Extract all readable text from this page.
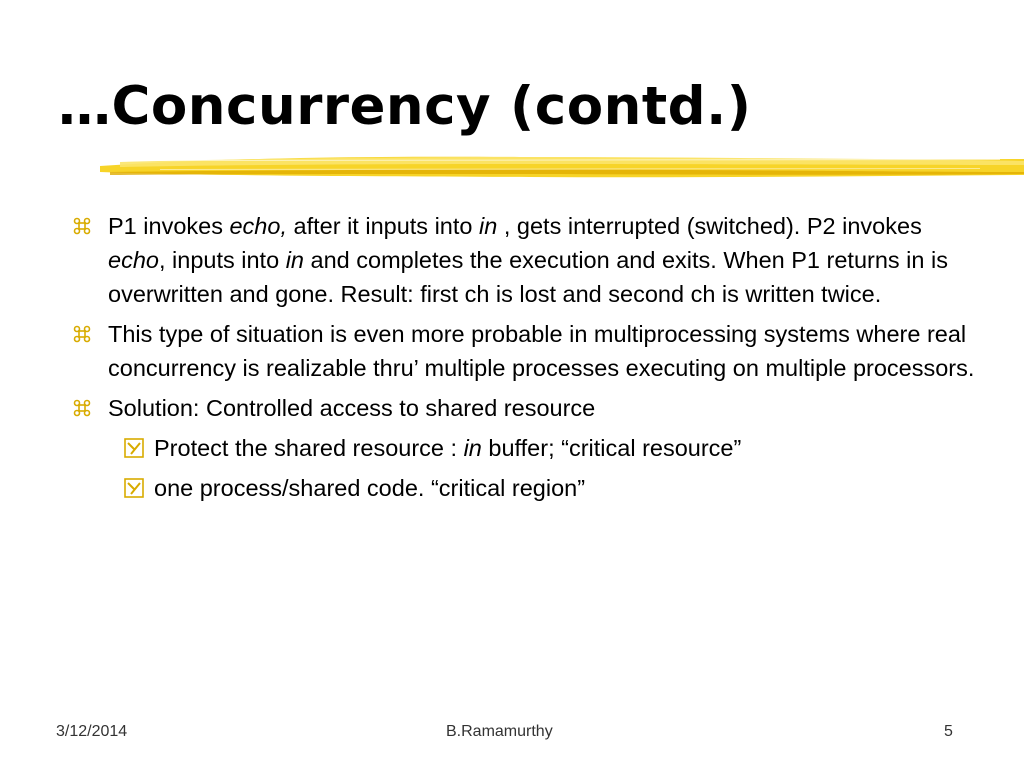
…Concurrency (contd.)
P1 invokes echo, after it inputs into in , gets interrupted (switched). P2 invokes echo, inputs into in and completes the execution and exits. When P1 returns in is overwritten and gone. Result: first ch is lost and second ch is written twice.
This type of situation is even more probable in multiprocessing systems where real concurrency is realizable thru’ multiple processes executing on multiple processors.
Solution: Controlled access to shared resource
Protect the shared resource : in buffer; “critical resource”
one process/shared code. “critical region”
3/12/2014	B.Ramamurthy	5
